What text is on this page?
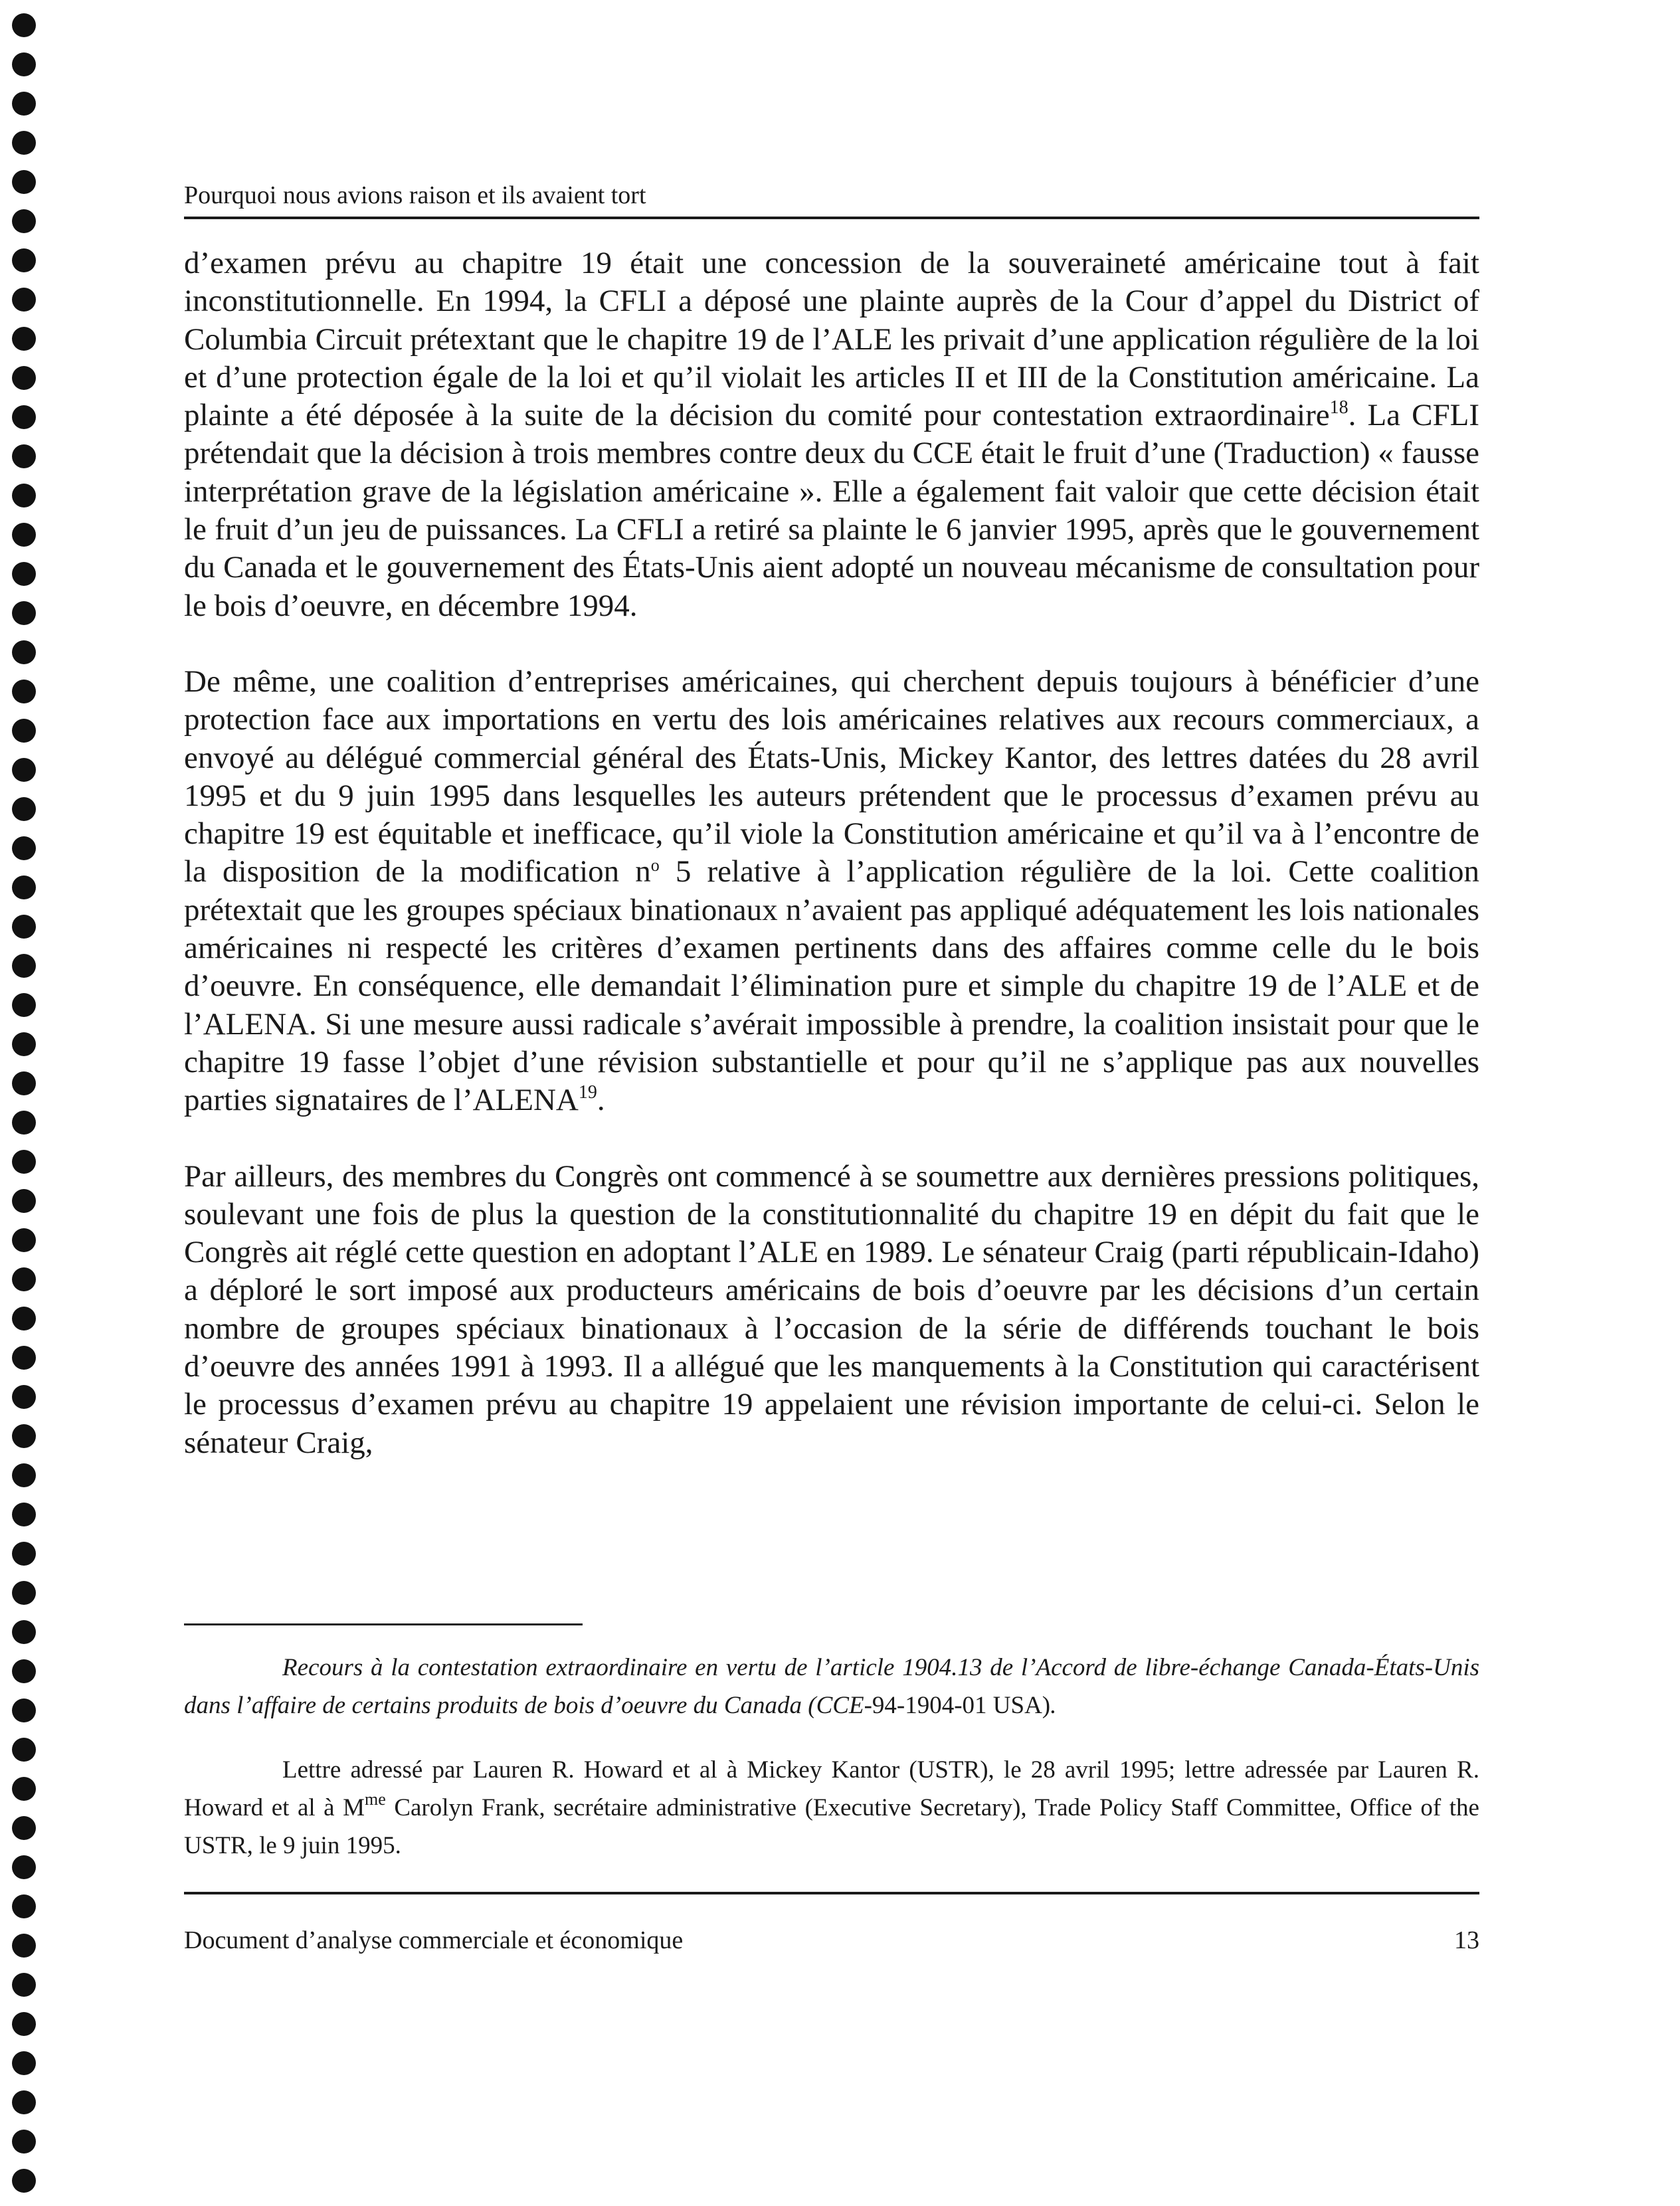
Pourquoi nous avions raison et ils avaient tort

d’examen prévu au chapitre 19 était une concession de la souveraineté américaine tout à fait inconstitutionnelle. En 1994, la CFLI a déposé une plainte auprès de la Cour d’appel du District of Columbia Circuit prétextant que le chapitre 19 de l’ALE les privait d’une application régulière de la loi et d’une protection égale de la loi et qu’il violait les articles II et III de la Constitution américaine. La plainte a été déposée à la suite de la décision du comité pour contestation extraordinaire$^{18}$. La CFLI prétendait que la décision à trois membres contre deux du CCE était le fruit d’une (Traduction) « fausse interprétation grave de la législation américaine ». Elle a également fait valoir que cette décision était le fruit d’un jeu de puissances. La CFLI a retiré sa plainte le 6 janvier 1995, après que le gouvernement du Canada et le gouvernement des États-Unis aient adopté un nouveau mécanisme de consultation pour le bois d’oeuvre, en décembre 1994.

De même, une coalition d’entreprises américaines, qui cherchent depuis toujours à bénéficier d’une protection face aux importations en vertu des lois américaines relatives aux recours commerciaux, a envoyé au délégué commercial général des États-Unis, Mickey Kantor, des lettres datées du 28 avril 1995 et du 9 juin 1995 dans lesquelles les auteurs prétendent que le processus d’examen prévu au chapitre 19 est équitable et inefficace, qu’il viole la Constitution américaine et qu’il va à l’encontre de la disposition de la modification $n^o$ 5 relative à l’application régulière de la loi. Cette coalition prétextait que les groupes spéciaux binationaux n’avaient pas appliqué adéquatement les lois nationales américaines ni respecté les critères d’examen pertinents dans des affaires comme celle du le bois d’oeuvre. En conséquence, elle demandait l’élimination pure et simple du chapitre 19 de l’ALE et de l’ALENA. Si une mesure aussi radicale s’avérait impossible à prendre, la coalition insistait pour que le chapitre 19 fasse l’objet d’une révision substantielle et pour qu’il ne s’applique pas aux nouvelles parties signataires de l’ALENA$^{19}$.

Par ailleurs, des membres du Congrès ont commencé à se soumettre aux dernières pressions politiques, soulevant une fois de plus la question de la constitutionnalité du chapitre 19 en dépit du fait que le Congrès ait réglé cette question en adoptant l’ALE en 1989. Le sénateur Craig (parti républicain-Idaho) a déploré le sort imposé aux producteurs américains de bois d’oeuvre par les décisions d’un certain nombre de groupes spéciaux binationaux à l’occasion de la série de différends touchant le bois d’oeuvre des années 1991 à 1993. Il a allégué que les manquements à la Constitution qui caractérisent le processus d’examen prévu au chapitre 19 appelaient une révision importante de celui-ci. Selon le sénateur Craig,

Recours à la contestation extraordinaire en vertu de l’article 1904.13 de l’Accord de libre-échange Canada-États-Unis dans l’affaire de certains produits de bois d’oeuvre du Canada (CCE-94-1904-01 USA).

Lettre adressé par Lauren R. Howard et al à Mickey Kantor (USTR), le 28 avril 1995; lettre adressée par Lauren R. Howard et al à $M^{me}$ Carolyn Frank, secrétaire administrative (Executive Secretary), Trade Policy Staff Committee, Office of the USTR, le 9 juin 1995.

Document d’analyse commerciale et économique	13
